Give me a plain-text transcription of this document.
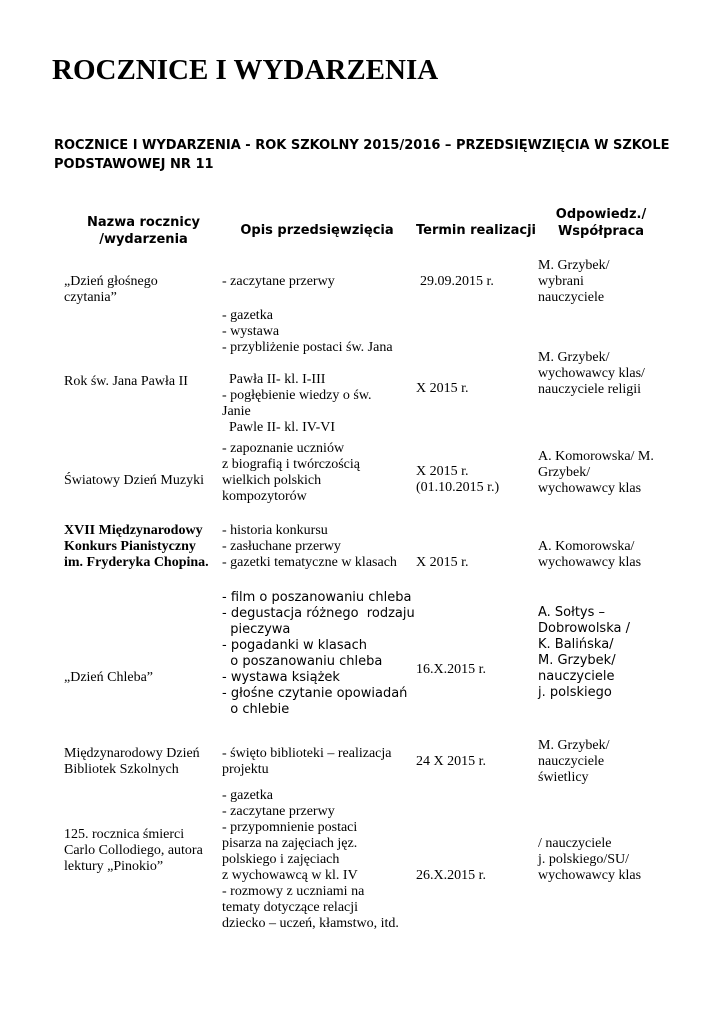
ROCZNICE I WYDARZENIA

ROCZNICE I WYDARZENIA - ROK SZKOLNY 2015/2016 – PRZEDSIĘWZIĘCIA W SZKOLE PODSTAWOWEJ NR 11

Nazwa rocznicy
/wydarzenia
Opis przedsięwzięcia	Termin realizacji
Odpowiedz./
Współpraca
„Dzień głośnego
czytania”
- zaczytane przerwy	29.09.2015 r.
M. Grzybek/
wybrani
nauczyciele
Rok św. Jana Pawła II
- gazetka
- wystawa
- przybliżenie postaci św. Jana

Pawła II- kl. I-III
- pogłębienie wiedzy o św.
Janie
Pawle II- kl. IV-VI
X 2015 r.
M. Grzybek/
wychowawcy klas/
nauczyciele religii
Światowy Dzień Muzyki
- zapoznanie uczniów
z biografią i twórczością
wielkich polskich
kompozytorów
X 2015 r.
(01.10.2015 r.)
A. Komorowska/ M.
Grzybek/
wychowawcy klas
XVII Międzynarodowy
Konkurs Pianistyczny
im. Fryderyka Chopina.
- historia konkursu
- zasłuchane przerwy
- gazetki tematyczne w klasach X 2015 r.
A. Komorowska/
wychowawcy klas
„Dzień Chleba”
- film o poszanowaniu chleba
- degustacja różnego  rodzaju
pieczywa
- pogadanki w klasach
o poszanowaniu chleba
- wystawa książek
- głośne czytanie opowiadań
o chlebie
16.X.2015 r.
A. Sołtys –
Dobrowolska /
K. Balińska/
M. Grzybek/
nauczyciele
j. polskiego
Międzynarodowy Dzień
Bibliotek Szkolnych
- święto biblioteki – realizacja
projektu
24 X 2015 r.
M. Grzybek/
nauczyciele
świetlicy
125. rocznica śmierci
Carlo Collodiego, autora
lektury „Pinokio”
- gazetka
- zaczytane przerwy
- przypomnienie postaci
pisarza na zajęciach jęz.
polskiego i zajęciach
z wychowawcą w kl. IV
- rozmowy z uczniami na
tematy dotyczące relacji
dziecko – uczeń, kłamstwo, itd.
26.X.2015 r.
/ nauczyciele
j. polskiego/SU/
wychowawcy klas
